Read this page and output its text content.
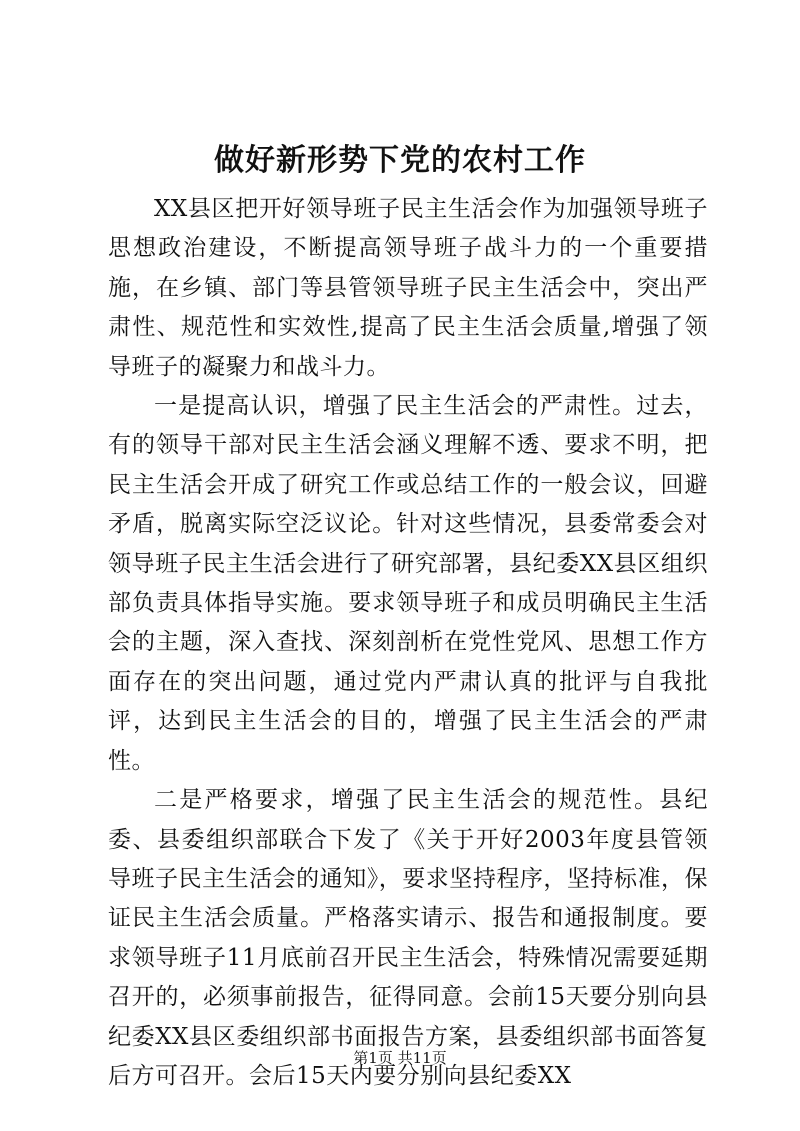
做好新形势下党的农村工作

XX县区把开好领导班子民主生活会作为加强领导班子思想政治建设，不断提高领导班子战斗力的一个重要措施，在乡镇、部门等县管领导班子民主生活会中，突出严肃性、规范性和实效性,提高了民主生活会质量,增强了领导班子的凝聚力和战斗力。

一是提高认识，增强了民主生活会的严肃性。过去，有的领导干部对民主生活会涵义理解不透、要求不明，把民主生活会开成了研究工作或总结工作的一般会议，回避矛盾，脱离实际空泛议论。针对这些情况，县委常委会对领导班子民主生活会进行了研究部署，县纪委XX县区组织部负责具体指导实施。要求领导班子和成员明确民主生活会的主题，深入查找、深刻剖析在党性党风、思想工作方面存在的突出问题，通过党内严肃认真的批评与自我批评，达到民主生活会的目的，增强了民主生活会的严肃性。

二是严格要求，增强了民主生活会的规范性。县纪委、县委组织部联合下发了《关于开好2003年度县管领导班子民主生活会的通知》，要求坚持程序，坚持标准，保证民主生活会质量。严格落实请示、报告和通报制度。要求领导班子11月底前召开民主生活会，特殊情况需要延期召开的，必须事前报告，征得同意。会前15天要分别向县纪委XX县区委组织部书面报告方案，县委组织部书面答复后方可召开。会后15天内要分别向县纪委XX

第1页 共11页
